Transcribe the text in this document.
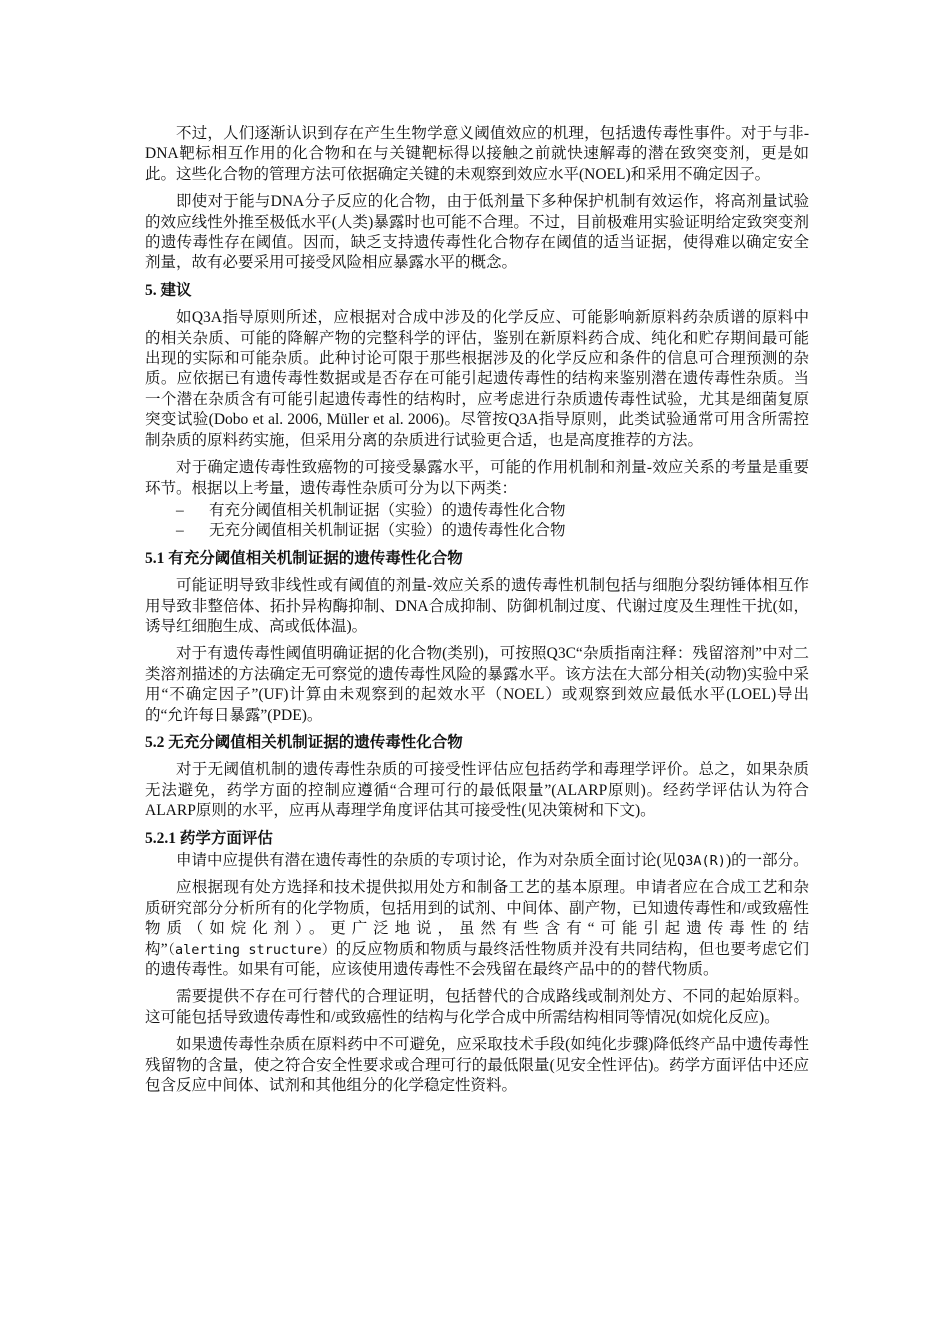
不过，人们逐渐认识到存在产生生物学意义阈值效应的机理，包括遗传毒性事件。对于与非-DNA靶标相互作用的化合物和在与关键靶标得以接触之前就快速解毒的潜在致突变剂，更是如此。这些化合物的管理方法可依据确定关键的未观察到效应水平(NOEL)和采用不确定因子。

即使对于能与DNA分子反应的化合物，由于低剂量下多种保护机制有效运作，将高剂量试验的效应线性外推至极低水平(人类)暴露时也可能不合理。不过，目前极难用实验证明给定致突变剂的遗传毒性存在阈值。因而，缺乏支持遗传毒性化合物存在阈值的适当证据，使得难以确定安全剂量，故有必要采用可接受风险相应暴露水平的概念。

5. 建议

如Q3A指导原则所述，应根据对合成中涉及的化学反应、可能影响新原料药杂质谱的原料中的相关杂质、可能的降解产物的完整科学的评估，鉴别在新原料药合成、纯化和贮存期间最可能出现的实际和可能杂质。此种讨论可限于那些根据涉及的化学反应和条件的信息可合理预测的杂质。应依据已有遗传毒性数据或是否存在可能引起遗传毒性的结构来鉴别潜在遗传毒性杂质。当一个潜在杂质含有可能引起遗传毒性的结构时，应考虑进行杂质遗传毒性试验，尤其是细菌复原突变试验(Dobo et al. 2006, Müller et al. 2006)。尽管按Q3A指导原则，此类试验通常可用含所需控制杂质的原料药实施，但采用分离的杂质进行试验更合适，也是高度推荐的方法。

对于确定遗传毒性致癌物的可接受暴露水平，可能的作用机制和剂量-效应关系的考量是重要环节。根据以上考量，遗传毒性杂质可分为以下两类：

– 有充分阈值相关机制证据（实验）的遗传毒性化合物
– 无充分阈值相关机制证据（实验）的遗传毒性化合物

5.1 有充分阈值相关机制证据的遗传毒性化合物

可能证明导致非线性或有阈值的剂量-效应关系的遗传毒性机制包括与细胞分裂纺锤体相互作用导致非整倍体、拓扑异构酶抑制、DNA合成抑制、防御机制过度、代谢过度及生理性干扰(如，诱导红细胞生成、高或低体温)。

对于有遗传毒性阈值明确证据的化合物(类别)，可按照Q3C“杂质指南注释：残留溶剂”中对二类溶剂描述的方法确定无可察觉的遗传毒性风险的暴露水平。该方法在大部分相关(动物)实验中采用“不确定因子”(UF)计算由未观察到的起效水平（NOEL）或观察到效应最低水平(LOEL)导出的“允许每日暴露”(PDE)。

5.2 无充分阈值相关机制证据的遗传毒性化合物

对于无阈值机制的遗传毒性杂质的可接受性评估应包括药学和毒理学评价。总之，如果杂质无法避免，药学方面的控制应遵循“合理可行的最低限量”(ALARP原则)。经药学评估认为符合ALARP原则的水平，应再从毒理学角度评估其可接受性(见决策树和下文)。

5.2.1 药学方面评估

申请中应提供有潜在遗传毒性的杂质的专项讨论，作为对杂质全面讨论(见Q3A(R))的一部分。

应根据现有处方选择和技术提供拟用处方和制备工艺的基本原理。申请者应在合成工艺和杂质研究部分分析所有的化学物质，包括用到的试剂、中间体、副产物，已知遗传毒性和/或致癌性物质（如烷化剂）。更广泛地说，虽然有些含有“可能引起遗传毒性的结构”（alerting structure）的反应物质和物质与最终活性物质并没有共同结构，但也要考虑它们的遗传毒性。如果有可能，应该使用遗传毒性不会残留在最终产品中的的替代物质。

需要提供不存在可行替代的合理证明，包括替代的合成路线或制剂处方、不同的起始原料。这可能包括导致遗传毒性和/或致癌性的结构与化学合成中所需结构相同等情况(如烷化反应)。

如果遗传毒性杂质在原料药中不可避免，应采取技术手段(如纯化步骤)降低终产品中遗传毒性残留物的含量，使之符合安全性要求或合理可行的最低限量(见安全性评估)。药学方面评估中还应包含反应中间体、试剂和其他组分的化学稳定性资料。
